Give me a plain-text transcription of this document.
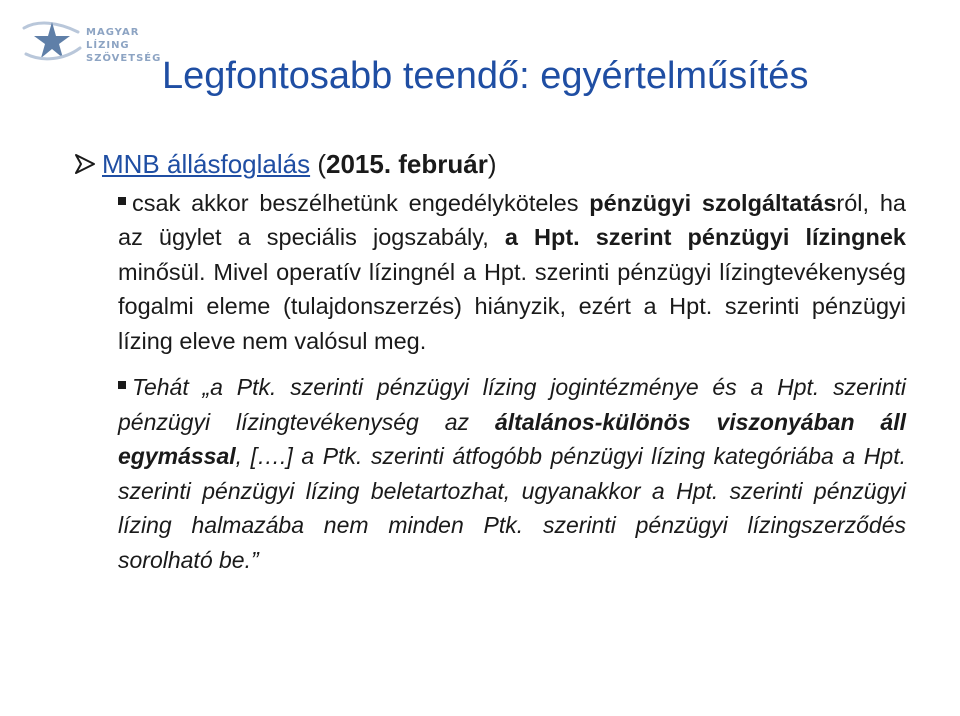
MAGYAR
LÍZING
SZÖVETSÉG Legfontosabb teendő: egyértelműsítés
MNB állásfoglalás (2015. február)
csak akkor beszélhetünk engedélyköteles pénzügyi szolgáltatásról, ha az ügylet a speciális jogszabály, a Hpt. szerint pénzügyi lízingnek minősül. Mivel operatív lízingnél a Hpt. szerinti pénzügyi lízingtevékenység fogalmi eleme (tulajdonszerzés) hiányzik, ezért a Hpt. szerinti pénzügyi lízing eleve nem valósul meg.
Tehát „a Ptk. szerinti pénzügyi lízing jogintézménye és a Hpt. szerinti pénzügyi lízingtevékenység az általános-különös viszonyában áll egymással, [….] a Ptk. szerinti átfogóbb pénzügyi lízing kategóriába a Hpt. szerinti pénzügyi lízing beletartozhat, ugyanakkor a Hpt. szerinti pénzügyi lízing halmazába nem minden Ptk. szerinti pénzügyi lízingszerződés sorolható be.”
